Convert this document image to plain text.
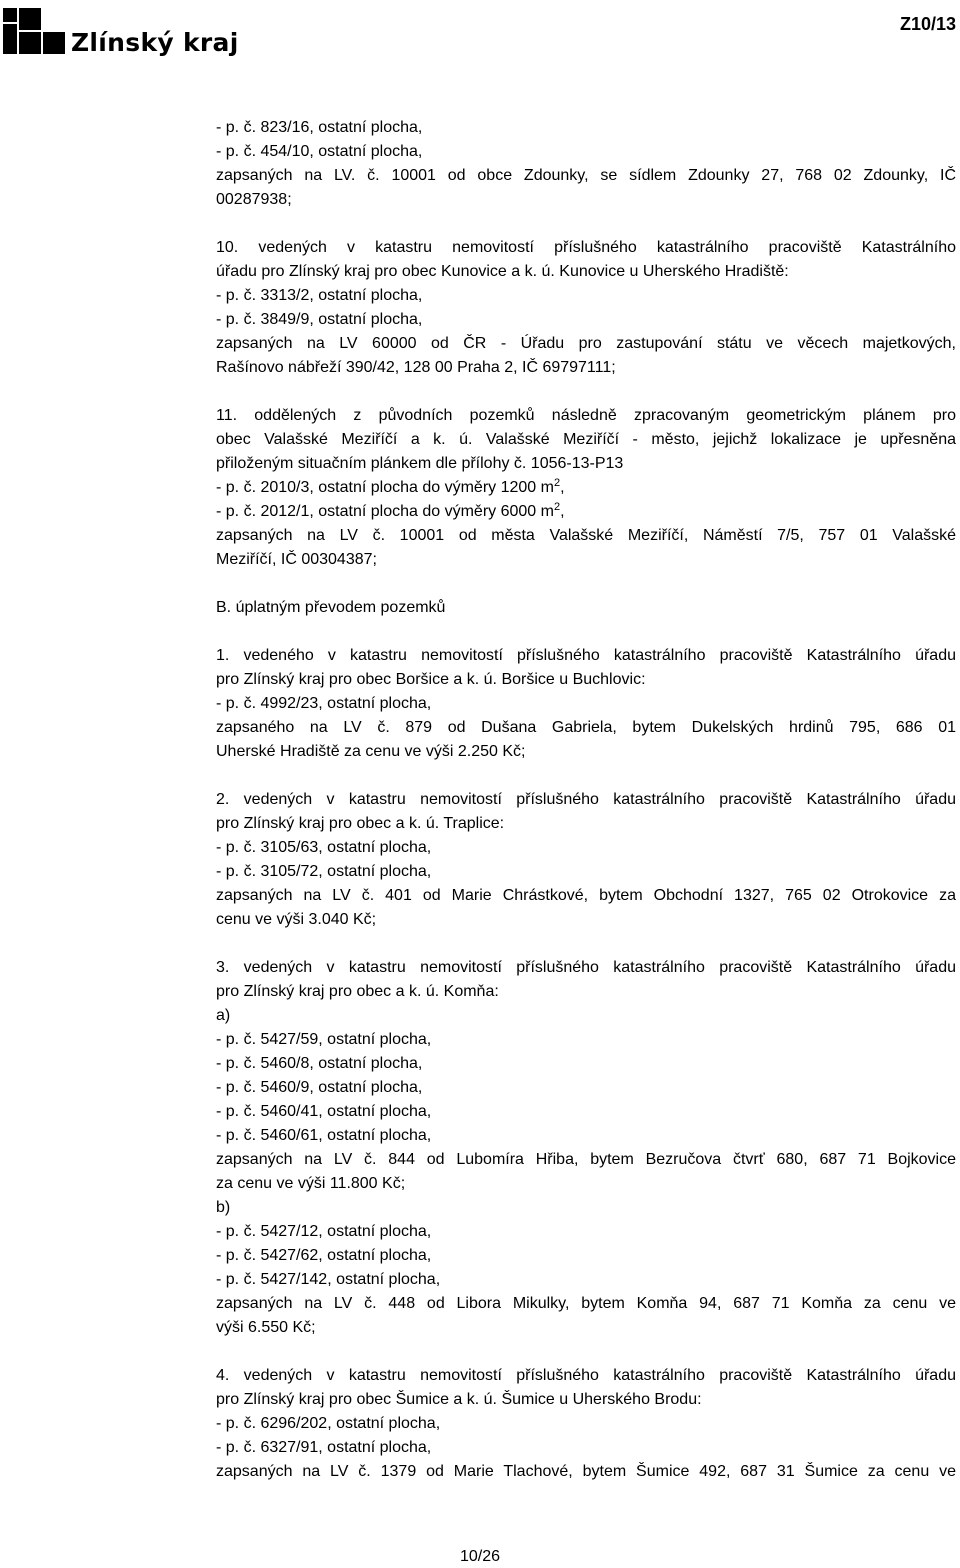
Zlínský kraj
Z10/13
- p. č. 823/16, ostatní plocha,
- p. č. 454/10, ostatní plocha,
zapsaných na LV. č. 10001 od obce Zdounky, se sídlem Zdounky 27, 768 02 Zdounky, IČ
00287938;
10. vedených v katastru nemovitostí příslušného katastrálního pracoviště Katastrálního
úřadu pro Zlínský kraj pro obec Kunovice a k. ú. Kunovice u Uherského Hradiště:
- p. č. 3313/2, ostatní plocha,
- p. č. 3849/9, ostatní plocha,
zapsaných na LV 60000 od ČR - Úřadu pro zastupování státu ve věcech majetkových,
Rašínovo nábřeží 390/42, 128 00 Praha 2, IČ 69797111;
11. oddělených z původních pozemků následně zpracovaným geometrickým plánem pro
obec Valašské Meziříčí a k. ú. Valašské Meziříčí - město, jejichž lokalizace je upřesněna
přiloženým situačním plánkem dle přílohy č. 1056-13-P13
- p. č. 2010/3, ostatní plocha do výměry 1200 $m^2$,
- p. č. 2012/1, ostatní plocha do výměry 6000 $m^2$,
zapsaných na LV č. 10001 od města Valašské Meziříčí, Náměstí 7/5, 757 01 Valašské
Meziříčí, IČ 00304387;
B. úplatným převodem pozemků
1. vedeného v katastru nemovitostí příslušného katastrálního pracoviště Katastrálního úřadu
pro Zlínský kraj pro obec Boršice a k. ú. Boršice u Buchlovic:
- p. č. 4992/23, ostatní plocha,
zapsaného na LV č. 879 od Dušana Gabriela, bytem Dukelských hrdinů 795, 686 01
Uherské Hradiště za cenu ve výši 2.250 Kč;
2. vedených v katastru nemovitostí příslušného katastrálního pracoviště Katastrálního úřadu
pro Zlínský kraj pro obec a k. ú. Traplice:
- p. č. 3105/63, ostatní plocha,
- p. č. 3105/72, ostatní plocha,
zapsaných na LV č. 401 od Marie Chrástkové, bytem Obchodní 1327, 765 02 Otrokovice za
cenu ve výši 3.040 Kč;
3. vedených v katastru nemovitostí příslušného katastrálního pracoviště Katastrálního úřadu
pro Zlínský kraj pro obec a k. ú. Komňa:
a)
- p. č. 5427/59, ostatní plocha,
- p. č. 5460/8, ostatní plocha,
- p. č. 5460/9, ostatní plocha,
- p. č. 5460/41, ostatní plocha,
- p. č. 5460/61, ostatní plocha,
zapsaných na LV č. 844 od Lubomíra Hřiba, bytem Bezručova čtvrť 680, 687 71 Bojkovice
za cenu ve výši 11.800 Kč;
b)
- p. č. 5427/12, ostatní plocha,
- p. č. 5427/62, ostatní plocha,
- p. č. 5427/142, ostatní plocha,
zapsaných na LV č. 448 od Libora Mikulky, bytem Komňa 94, 687 71 Komňa za cenu ve
výši 6.550 Kč;
4. vedených v katastru nemovitostí příslušného katastrálního pracoviště Katastrálního úřadu
pro Zlínský kraj pro obec Šumice a k. ú. Šumice u Uherského Brodu:
- p. č. 6296/202, ostatní plocha,
- p. č. 6327/91, ostatní plocha,
zapsaných na LV č. 1379 od Marie Tlachové, bytem Šumice 492, 687 31 Šumice za cenu ve
10/26
